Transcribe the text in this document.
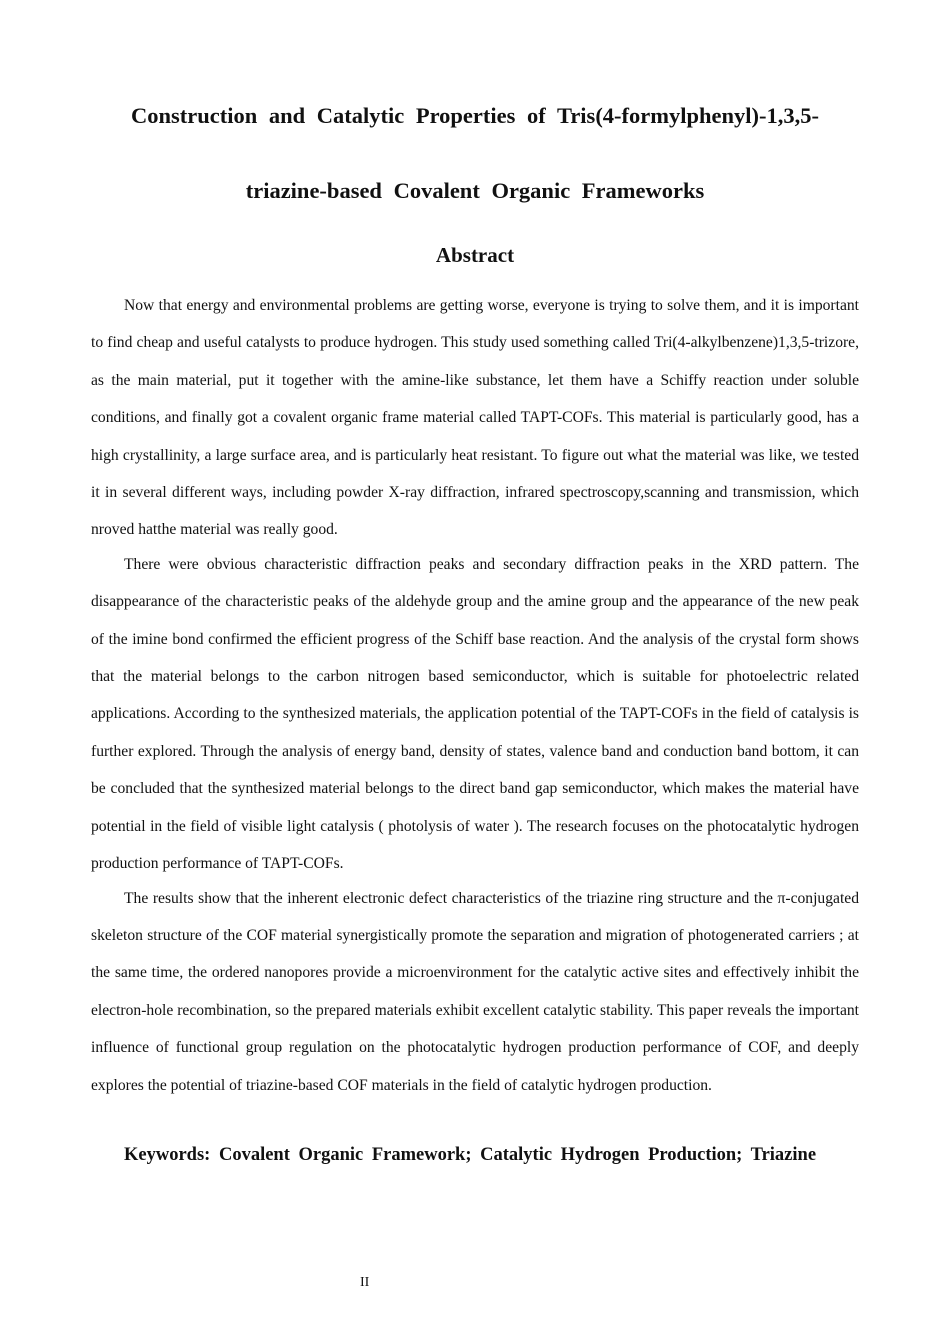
Construction and Catalytic Properties of Tris(4-formylphenyl)-1,3,5-
triazine-based Covalent Organic Frameworks
Abstract

Now that energy and environmental problems are getting worse, everyone is trying to solve them, and it is important to find cheap and useful catalysts to produce hydrogen. This study used something called Tri(4-alkylbenzene)1,3,5-trizore, as the main material, put it together with the amine-like substance, let them have a Schiffy reaction under soluble conditions, and finally got a covalent organic frame material called TAPT-COFs. This material is particularly good, has a high crystallinity, a large surface area, and is particularly heat resistant. To figure out what the material was like, we tested it in several different ways, including powder X-ray diffraction, infrared spectroscopy,scanning and transmission, which nroved hatthe material was really good.

There were obvious characteristic diffraction peaks and secondary diffraction peaks in the XRD pattern. The disappearance of the characteristic peaks of the aldehyde group and the amine group and the appearance of the new peak of the imine bond confirmed the efficient progress of the Schiff base reaction. And the analysis of the crystal form shows that the material belongs to the carbon nitrogen based semiconductor, which is suitable for photoelectric related applications. According to the synthesized materials, the application potential of the TAPT-COFs in the field of catalysis is further explored. Through the analysis of energy band, density of states, valence band and conduction band bottom, it can be concluded that the synthesized material belongs to the direct band gap semiconductor, which makes the material have potential in the field of visible light catalysis ( photolysis of water ). The research focuses on the photocatalytic hydrogen production performance of TAPT-COFs.

The results show that the inherent electronic defect characteristics of the triazine ring structure and the π-conjugated skeleton structure of the COF material synergistically promote the separation and migration of photogenerated carriers ; at the same time, the ordered nanopores provide a microenvironment for the catalytic active sites and effectively inhibit the electron-hole recombination, so the prepared materials exhibit excellent catalytic stability. This paper reveals the important influence of functional group regulation on the photocatalytic hydrogen production performance of COF, and deeply explores the potential of triazine-based COF materials in the field of catalytic hydrogen production.

Keywords: Covalent Organic Framework; Catalytic Hydrogen Production; Triazine

II
